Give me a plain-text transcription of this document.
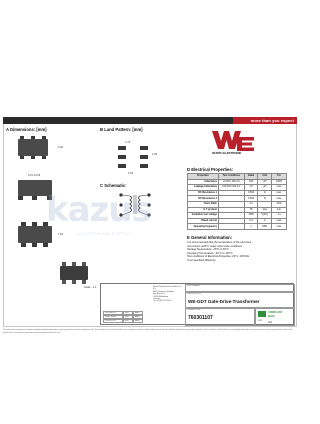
more than you expect
A Dimensions: [mm]	B Land Pattern: [mm]
C Schematic:
D Electrical Properties:
E General Information:
WÜRTH ELEKTRONIK
6.40
6.61 ±0.25
7.62
Scale - 1:1
7.78
1.00
2.54
Properties	Test conditions	Value	Unit	Tol.
Inductance	10 kHz/ 100 mV	150	µH	±20%
Leakage Inductance	100 kHz/ 100 mV	1.5	µH	max.
DC Resistance 1		0.500	Ω	max.
DC Resistance 2		0.500	Ω	max.
Turns Ratio		1:1		±2%
E-T product		15	Vµs	min.
Insulation test voltage		1500	V(AC)	1 s
Rated current		0.4	A	max.
Operating frequency		1	MHz	max.
It is recommended that the temperature of the part does
not exceed +125°C under worst case conditions
Storage Temperature: -25°C to 60°C
Operating Temperature: -40°C to 125°C
Test conditions of Electrical Properties: 20°C, 33% RH
If not specified differently
2011-06-21	001	BaG
2010-12-01	002	BaG
2011-01-27	003	BaG
Würth Elektronik eiSos GmbH & Co. KG
EMC & Inductive Solutions
Max-Eyth-Str. 1
74638 Waldenburg
Germany
Tel. +49 (0) 7942 945 - 0
CUSTOMER
DESCRIPTION
WE-GDT Gate-Drive-Transformer
ORDER CODE
760301107
COMPLIANT
RoHS
SIZE A4
kazus
ЭЛЕКТРОННЫЙ ПОРТАЛ
This electronic component has been designed and developed for usage in general electronic equipment only. This product is not authorized for use in equipment where a higher safety standard and reliability standard is especially required or where a failure of the product is reasonably expected to cause severe personal injury or death, unless the parties have executed an agreement specifically governing such use.
